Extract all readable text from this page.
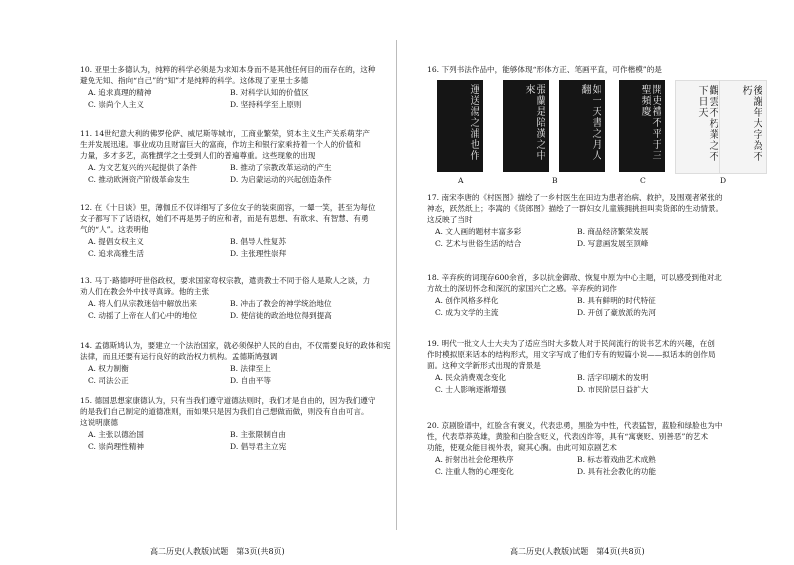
10. 亚里士多德认为，纯粹的科学必须是为求知本身而不是其他任何目的而存在的，这种
避免无知、指向“自己”的“知”才是纯粹的科学。这体现了亚里士多德
A. 追求真理的精神	B. 对科学认知的价值区
C. 崇尚个人主义	D. 坚持科学至上原则
11. 14世纪意大利的佛罗伦萨、威尼斯等城市，工商业繁荣，贸本主义生产关系萌芽产
生并发展迅速。事业成功且财富巨大的富商，作坊主和银行家乘持着一个人的价值和
力量，多才多艺，高雅撰学之士受到人们的普遍尊重。这些现象的出现
A. 为文艺复兴的兴起提供了条件	B. 推动了宗教改革运动的产生
C. 推动欧洲资产阶级革命发生	D. 为启蒙运动的兴起创造条件
12. 在《十日谈》里，薄伽丘不仅详细写了多位女子的装束面容，一颦一笑，甚至为每位
女子都写下了话语权，她们不再是男子的应和者，而是有思想、有欲求、有智慧、有勇
气的“人”。这表明他
A. 提倡女权主义	B. 倡导人性复苏
C. 追求高雅生活	D. 主张理性崇拜
13. 马丁·路德呼吁世俗政权，要求国家弯权宗教，遣责教士不同于俗人是欺人之谈，力
劝人们在教会外中找寻真谛。他的主张
A. 将人们从宗教迷信中解放出来	B. 冲击了教会的神学统治地位
C. 动摇了上帝在人们心中的地位	D. 使信徒的政治地位得到提高
14. 孟德斯鸠认为，要建立一个法治国家，就必须保护人民的自由，不仅需要良好的政体和宪
法律，而且还要有运行良好的政治权力机构。孟德斯鸠强调
A. 权力制衡	B. 法律至上
C. 司法公正	D. 自由平等
15. 德国思想家康德认为，只有当我们遵守道德法则时，我们才是自由的，因为我们遵守
的是我们自己制定的道德准则，而如果只是因为我们自己想做而做，则没有自由可言。
这说明康德
A. 主张以德治国	B. 主张限制自由
C. 崇尚理性精神	D. 倡导君主立宪
16. 下列书法作品中，能够体现“形体方正、笔画平直，可作楷模”的是
17. 南宋李唐的《村医图》描绘了一乡村医生在田边为患者治病、救护，及围观者紧张的
神态，跃然纸上；李嵩的《货郎图》描绘了一群妇女儿童簇拥挑担叫卖货郎的生动情景。
这反映了当时
A. 文人画的题材丰富多彩	B. 商品经济繁荣发展
C. 艺术与世俗生活的结合	D. 写意画发展至顶峰
18. 辛弃疾的词现存600余首，多以抗金御敌、恢复中原为中心主题，可以感受到他对北
方故土的深切怀念和深沉的家国兴亡之感。辛弃疾的词作
A. 创作风格多样化	B. 具有鲜明的时代特征
C. 成为文学的主流	D. 开创了豪放派的先河
19. 明代一批文人士大夫为了适应当时大多数人对于民间流行的说书艺术的兴趣，在创
作时模拟原来话本的结构形式，用文字写成了他们专有的短篇小说——拟话本的创作局
面。这种文学新形式出现的背景是
A. 民众消费观念变化	B. 活字印刷术的发明
C. 士人影响逐渐增强	D. 市民阶层日益扩大
20. 京剧脸谱中，红脸含有褒义，代表忠勇，黑脸为中性，代表猛智，蓝脸和绿脸也为中
性，代表草莽英雄，黄脸和白脸含贬义，代表凶诈等，具有“寓褒贬、别善恶”的艺术
功能，使观众能目视外表，窥其心胸。由此可知京剧艺术
A. 折射出社会伦理秩序	B. 标志着戏曲艺术成熟
C. 注重人物的心理变化	D. 具有社会教化的功能
運送湯之浦也作	張蘭是陪漢之中來	如一天書之月人翻	開吏禮不平于三聖頻慶	觀雲不朽業之不下日天	後謝年大字為不朽
A	B	C	D
高二历史(人教版)试题　第3页(共8页)	高二历史(人教版)试题　第4页(共8页)
